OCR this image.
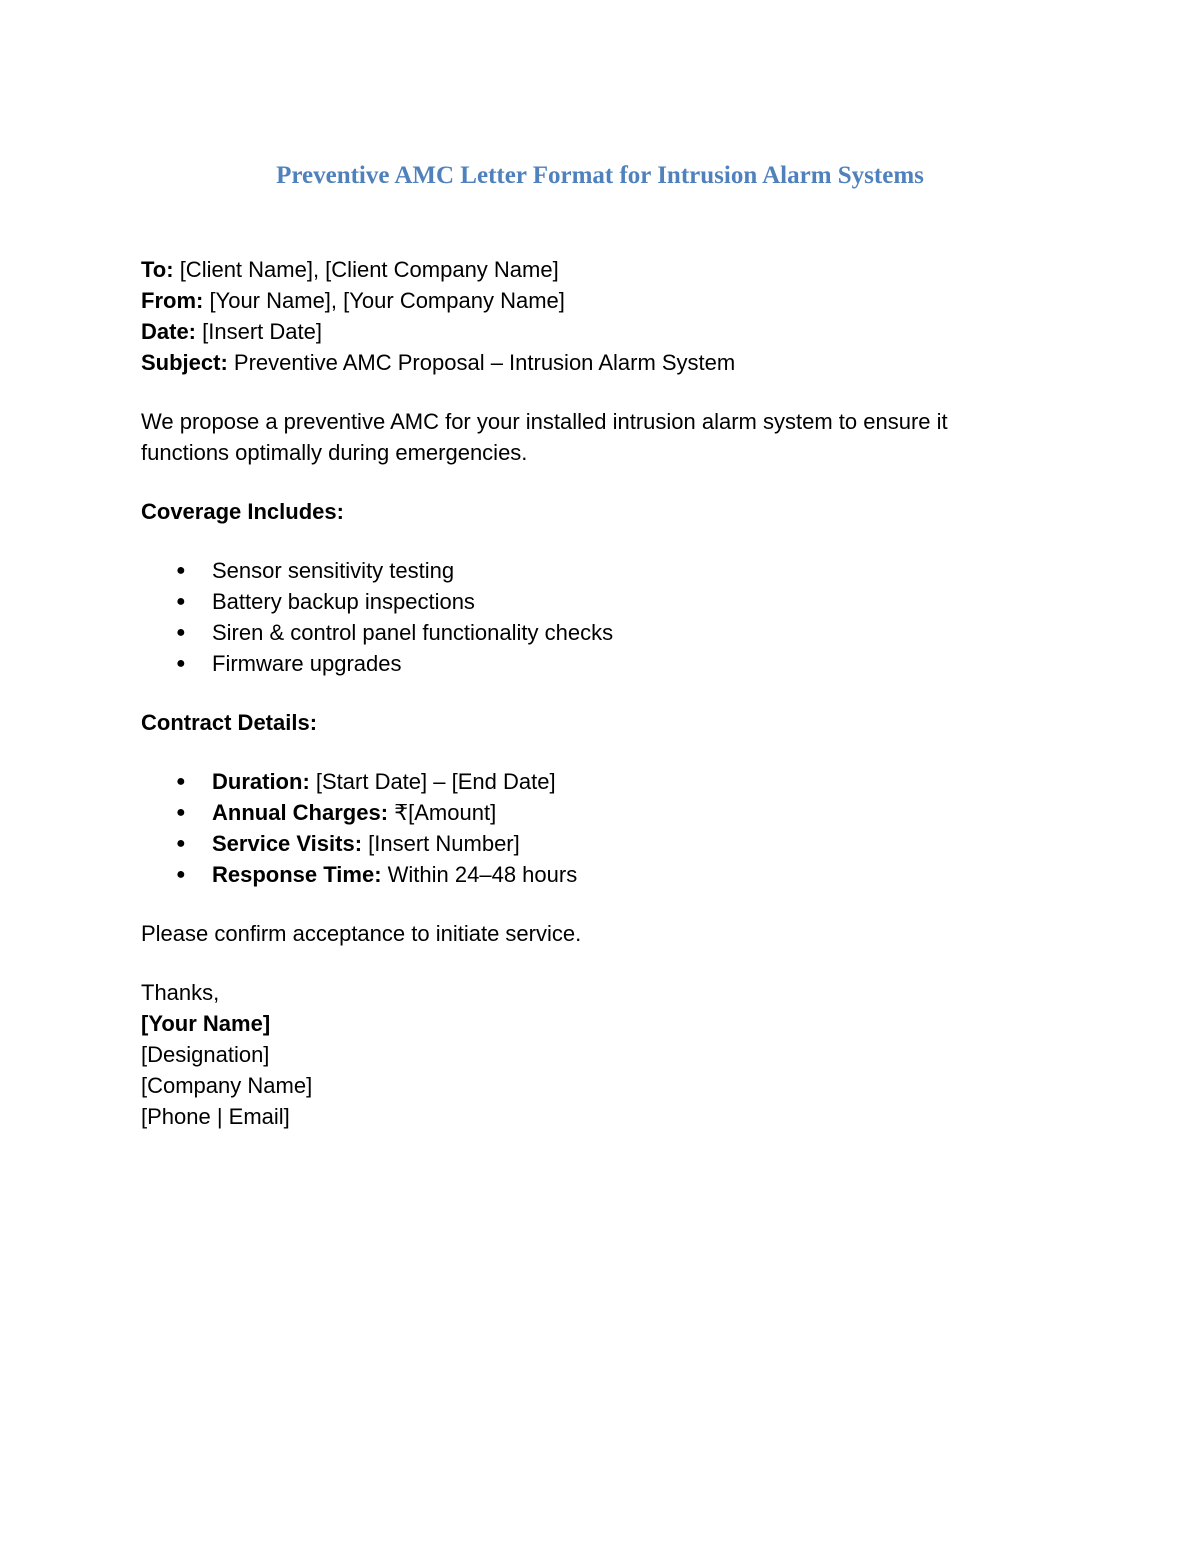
Preventive AMC Letter Format for Intrusion Alarm Systems
To: [Client Name], [Client Company Name]
From: [Your Name], [Your Company Name]
Date: [Insert Date]
Subject: Preventive AMC Proposal – Intrusion Alarm System
We propose a preventive AMC for your installed intrusion alarm system to ensure it
functions optimally during emergencies.
Coverage Includes:
● Sensor sensitivity testing
● Battery backup inspections
● Siren & control panel functionality checks
● Firmware upgrades
Contract Details:
● Duration: [Start Date] – [End Date]
● Annual Charges: ₹[Amount]
● Service Visits: [Insert Number]
● Response Time: Within 24–48 hours
Please confirm acceptance to initiate service.
Thanks,
[Your Name]
[Designation]
[Company Name]
[Phone | Email]
